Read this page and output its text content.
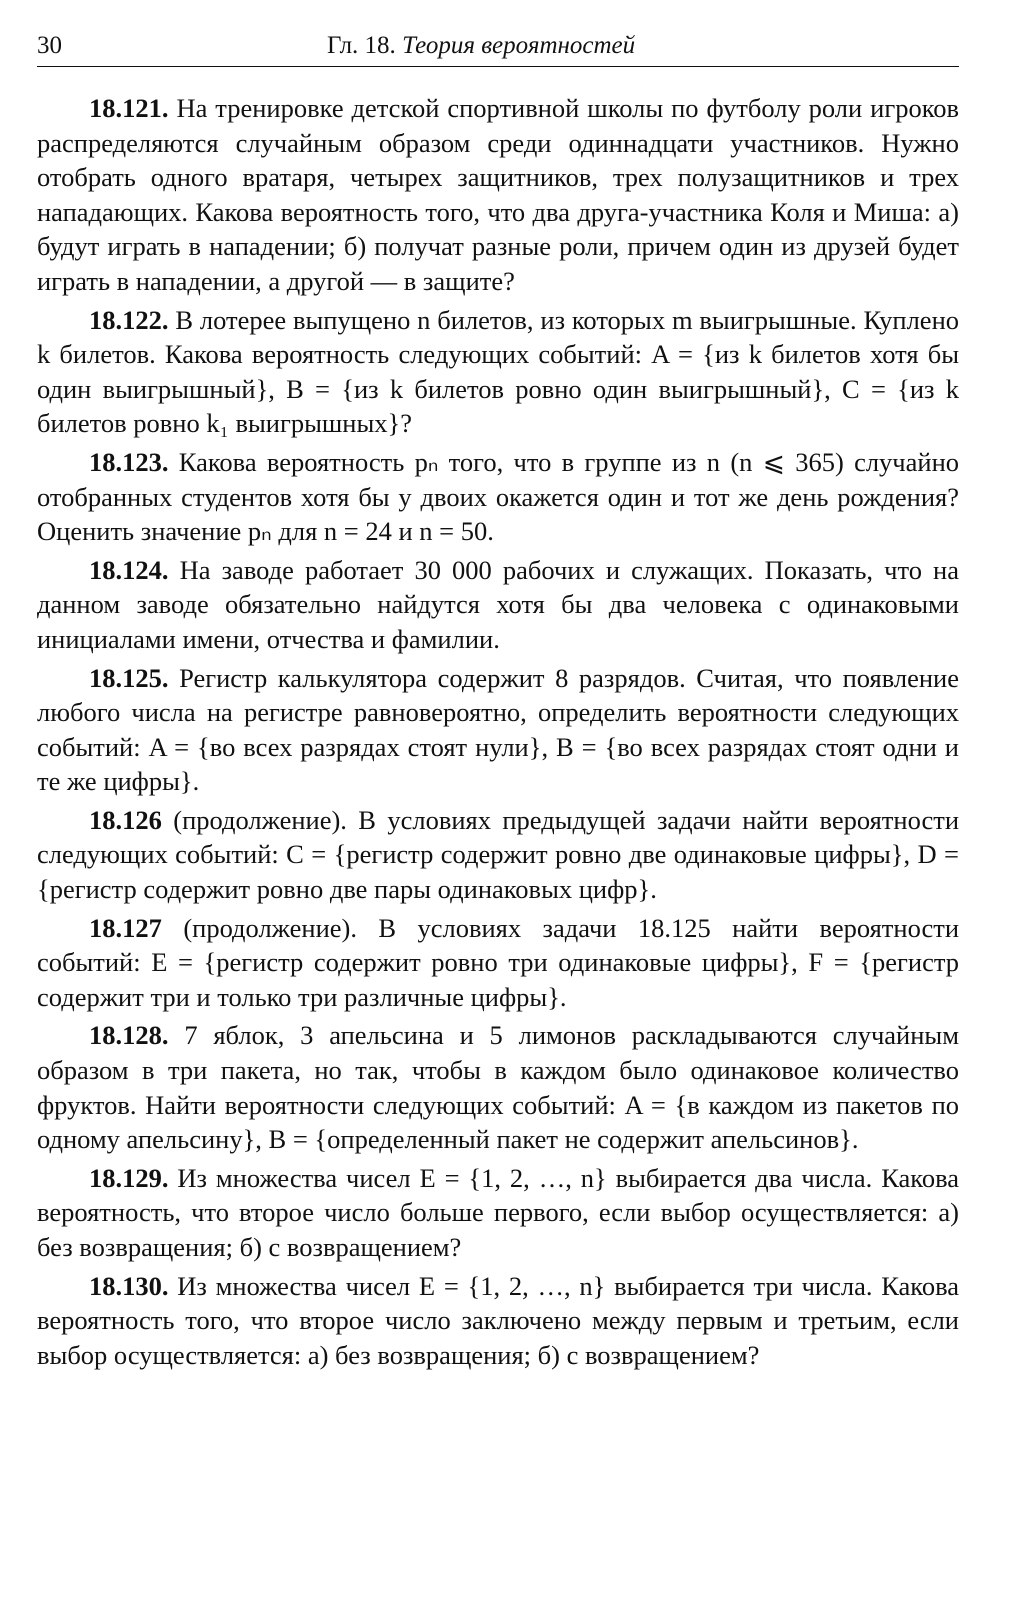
30	Гл. 18. Теория вероятностей

18.121. На тренировке детской спортивной школы по футболу роли игроков распределяются случайным образом среди одиннадцати участников. Нужно отобрать одного вратаря, четырех защитников, трех полузащитников и трех нападающих. Какова вероятность того, что два друга-участника Коля и Миша: а) будут играть в нападении; б) получат разные роли, причем один из друзей будет играть в нападении, а другой — в защите?

18.122. В лотерее выпущено n билетов, из которых m выигрышные. Куплено k билетов. Какова вероятность следующих событий: A = {из k билетов хотя бы один выигрышный}, B = {из k билетов ровно один выигрышный}, C = {из k билетов ровно k₁ выигрышных}?

18.123. Какова вероятность pₙ того, что в группе из n (n ⩽ 365) случайно отобранных студентов хотя бы у двоих окажется один и тот же день рождения? Оценить значение pₙ для n = 24 и n = 50.

18.124. На заводе работает 30 000 рабочих и служащих. Показать, что на данном заводе обязательно найдутся хотя бы два человека с одинаковыми инициалами имени, отчества и фамилии.

18.125. Регистр калькулятора содержит 8 разрядов. Считая, что появление любого числа на регистре равновероятно, определить вероятности следующих событий: A = {во всех разрядах стоят нули}, B = {во всех разрядах стоят одни и те же цифры}.

18.126 (продолжение). В условиях предыдущей задачи найти вероятности следующих событий: C = {регистр содержит ровно две одинаковые цифры}, D = {регистр содержит ровно две пары одинаковых цифр}.

18.127 (продолжение). В условиях задачи 18.125 найти вероятности событий: E = {регистр содержит ровно три одинаковые цифры}, F = {регистр содержит три и только три различные цифры}.

18.128. 7 яблок, 3 апельсина и 5 лимонов раскладываются случайным образом в три пакета, но так, чтобы в каждом было одинаковое количество фруктов. Найти вероятности следующих событий: A = {в каждом из пакетов по одному апельсину}, B = {определенный пакет не содержит апельсинов}.

18.129. Из множества чисел E = {1, 2, …, n} выбирается два числа. Какова вероятность, что второе число больше первого, если выбор осуществляется: а) без возвращения; б) с возвращением?

18.130. Из множества чисел E = {1, 2, …, n} выбирается три числа. Какова вероятность того, что второе число заключено между первым и третьим, если выбор осуществляется: а) без возвращения; б) с возвращением?
